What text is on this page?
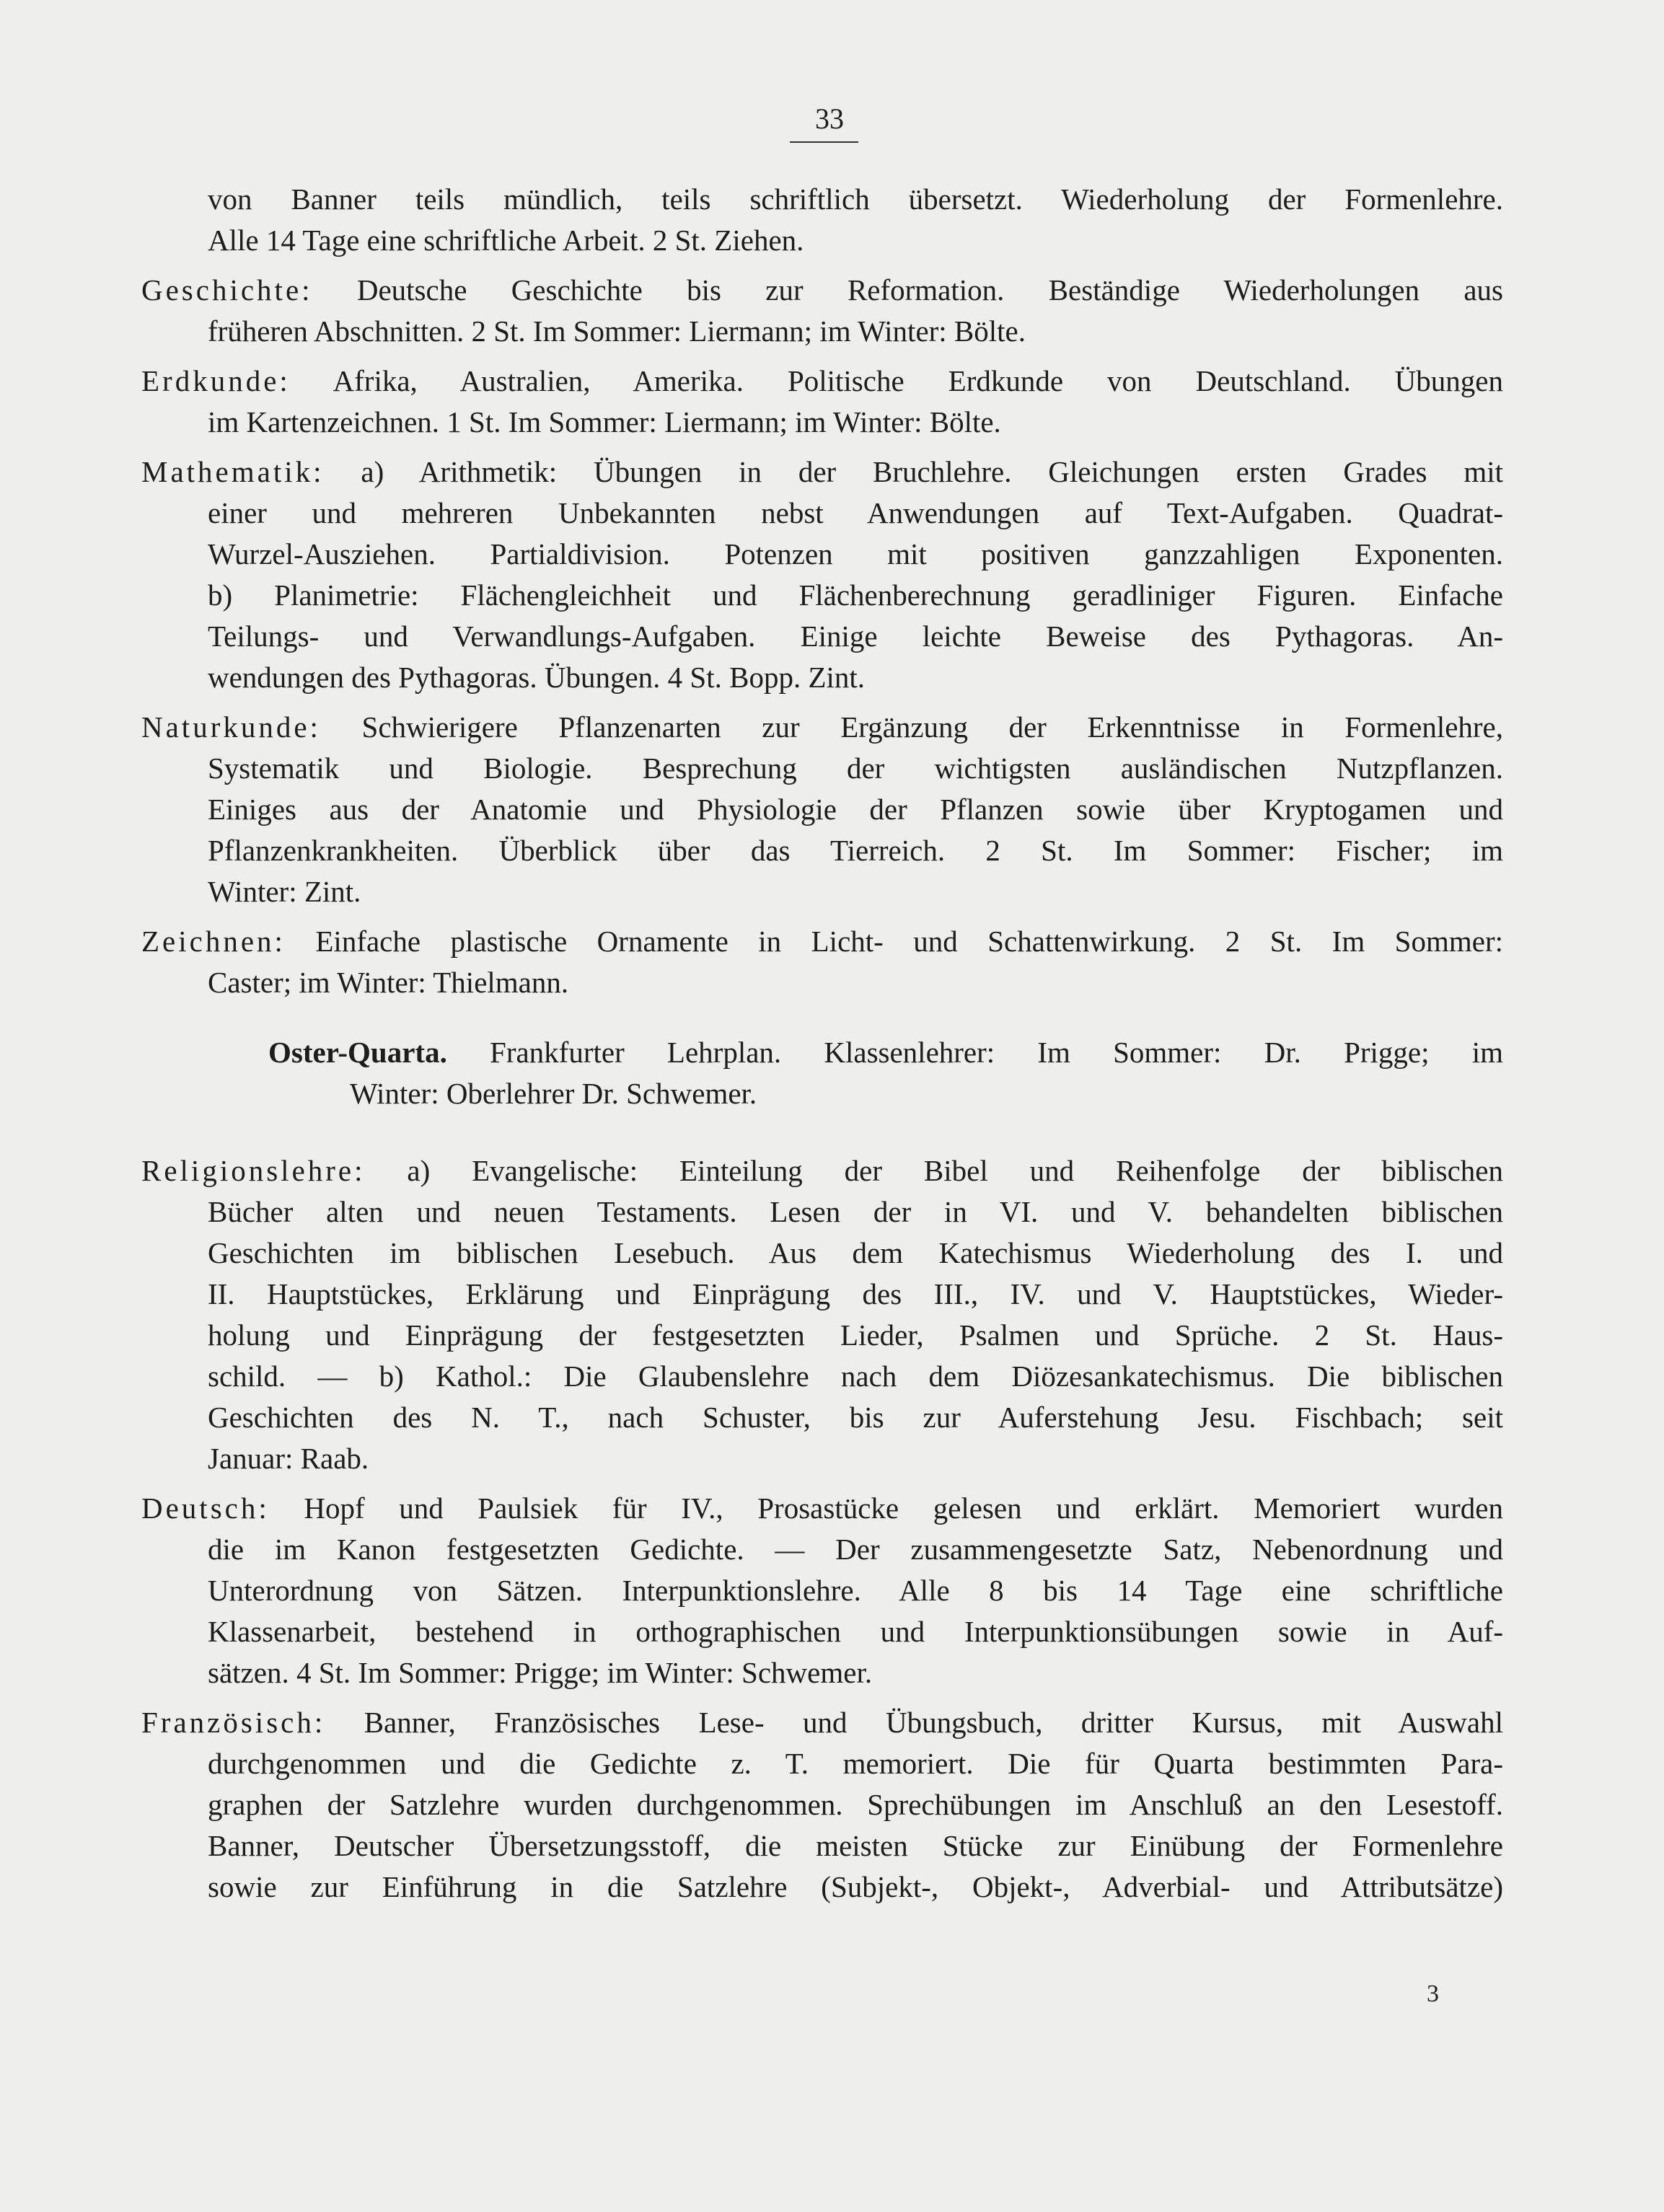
33
von Banner teils mündlich, teils schriftlich übersetzt. Wiederholung der Formenlehre.
Alle 14 Tage eine schriftliche Arbeit. 2 St. Ziehen.
Geschichte: Deutsche Geschichte bis zur Reformation. Beständige Wiederholungen aus
früheren Abschnitten. 2 St. Im Sommer: Liermann; im Winter: Bölte.
Erdkunde: Afrika, Australien, Amerika. Politische Erdkunde von Deutschland. Übungen
im Kartenzeichnen. 1 St. Im Sommer: Liermann; im Winter: Bölte.
Mathematik: a) Arithmetik: Übungen in der Bruchlehre. Gleichungen ersten Grades mit
einer und mehreren Unbekannten nebst Anwendungen auf Text-Aufgaben. Quadrat-
Wurzel-Ausziehen. Partialdivision. Potenzen mit positiven ganzzahligen Exponenten.
b) Planimetrie: Flächengleichheit und Flächenberechnung geradliniger Figuren. Einfache
Teilungs- und Verwandlungs-Aufgaben. Einige leichte Beweise des Pythagoras. An-
wendungen des Pythagoras. Übungen. 4 St. Bopp. Zint.
Naturkunde: Schwierigere Pflanzenarten zur Ergänzung der Erkenntnisse in Formenlehre,
Systematik und Biologie. Besprechung der wichtigsten ausländischen Nutzpflanzen.
Einiges aus der Anatomie und Physiologie der Pflanzen sowie über Kryptogamen und
Pflanzenkrankheiten. Überblick über das Tierreich. 2 St. Im Sommer: Fischer; im
Winter: Zint.
Zeichnen: Einfache plastische Ornamente in Licht- und Schattenwirkung. 2 St. Im Sommer:
Caster; im Winter: Thielmann.
Oster-Quarta. Frankfurter Lehrplan. Klassenlehrer: Im Sommer: Dr. Prigge; im
Winter: Oberlehrer Dr. Schwemer.
Religionslehre: a) Evangelische: Einteilung der Bibel und Reihenfolge der biblischen
Bücher alten und neuen Testaments. Lesen der in VI. und V. behandelten biblischen
Geschichten im biblischen Lesebuch. Aus dem Katechismus Wiederholung des I. und
II. Hauptstückes, Erklärung und Einprägung des III., IV. und V. Hauptstückes, Wieder-
holung und Einprägung der festgesetzten Lieder, Psalmen und Sprüche. 2 St. Haus-
schild. — b) Kathol.: Die Glaubenslehre nach dem Diözesankatechismus. Die biblischen
Geschichten des N. T., nach Schuster, bis zur Auferstehung Jesu. Fischbach; seit
Januar: Raab.
Deutsch: Hopf und Paulsiek für IV., Prosastücke gelesen und erklärt. Memoriert wurden
die im Kanon festgesetzten Gedichte. — Der zusammengesetzte Satz, Nebenordnung und
Unterordnung von Sätzen. Interpunktionslehre. Alle 8 bis 14 Tage eine schriftliche
Klassenarbeit, bestehend in orthographischen und Interpunktionsübungen sowie in Auf-
sätzen. 4 St. Im Sommer: Prigge; im Winter: Schwemer.
Französisch: Banner, Französisches Lese- und Übungsbuch, dritter Kursus, mit Auswahl
durchgenommen und die Gedichte z. T. memoriert. Die für Quarta bestimmten Para-
graphen der Satzlehre wurden durchgenommen. Sprechübungen im Anschluß an den Lesestoff.
Banner, Deutscher Übersetzungsstoff, die meisten Stücke zur Einübung der Formenlehre
sowie zur Einführung in die Satzlehre (Subjekt-, Objekt-, Adverbial- und Attributsätze)
3
